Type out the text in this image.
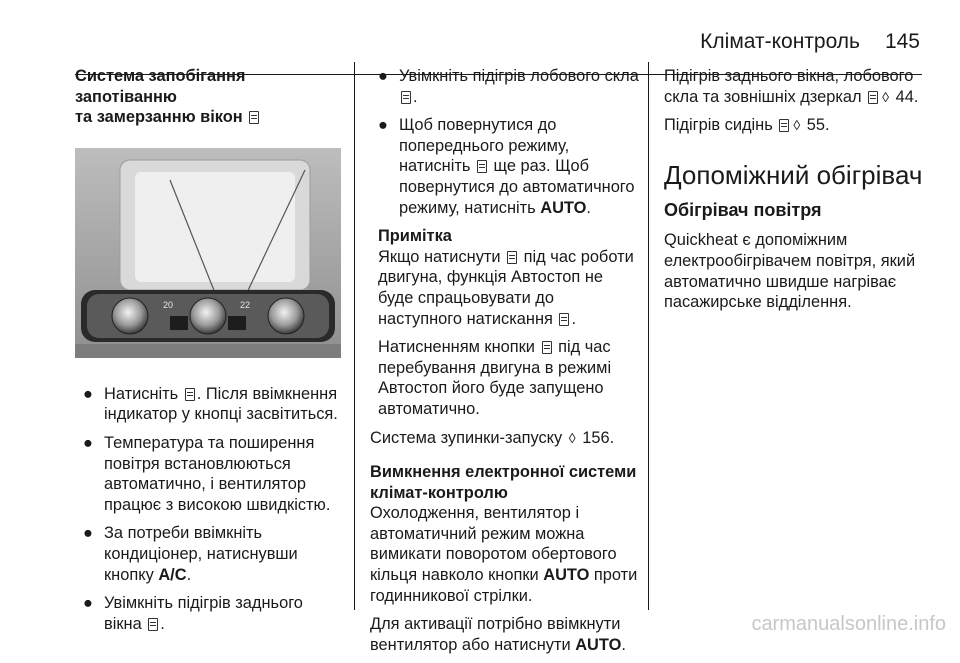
Клімат-контроль 145
Система запобігання запотіванню
та замерзанню вікон
20	22
● Натисніть . Після ввімкнення індикатор у кнопці засвітиться.
● Температура та поширення повітря встановлюються автоматично, і вентилятор працює з високою швидкістю.
● За потреби ввімкніть кондиціонер, натиснувши кнопку A/C.
● Увімкніть підігрів заднього вікна .
● Увімкніть підігрів лобового скла .
● Щоб повернутися до попереднього режиму, натисніть  ще раз. Щоб повернутися до автоматичного режиму, натисніть AUTO.
Примітка

Якщо натиснути  під час роботи двигуна, функція Автостоп не буде спрацьовувати до наступного натискання .

Натисненням кнопки  під час перебування двигуна в режимі Автостоп його буде запущено автоматично.

Система зупинки-запуску ◊ 156.

Вимкнення електронної системи клімат-контролю

Охолодження, вентилятор і автоматичний режим можна вимикати поворотом обертового кільця навколо кнопки AUTO проти годинникової стрілки.

Для активації потрібно ввімкнути вентилятор або натиснути AUTO.

Підігрів заднього вікна, лобового скла та зовнішніх дзеркал ◊ 44.

Підігрів сидінь ◊ 55.

Допоміжний обігрівач
Обігрівач повітря

Quickheat є допоміжним електрообігрівачем повітря, який автоматично швидше нагріває пасажирське відділення.

carmanualsonline.info
